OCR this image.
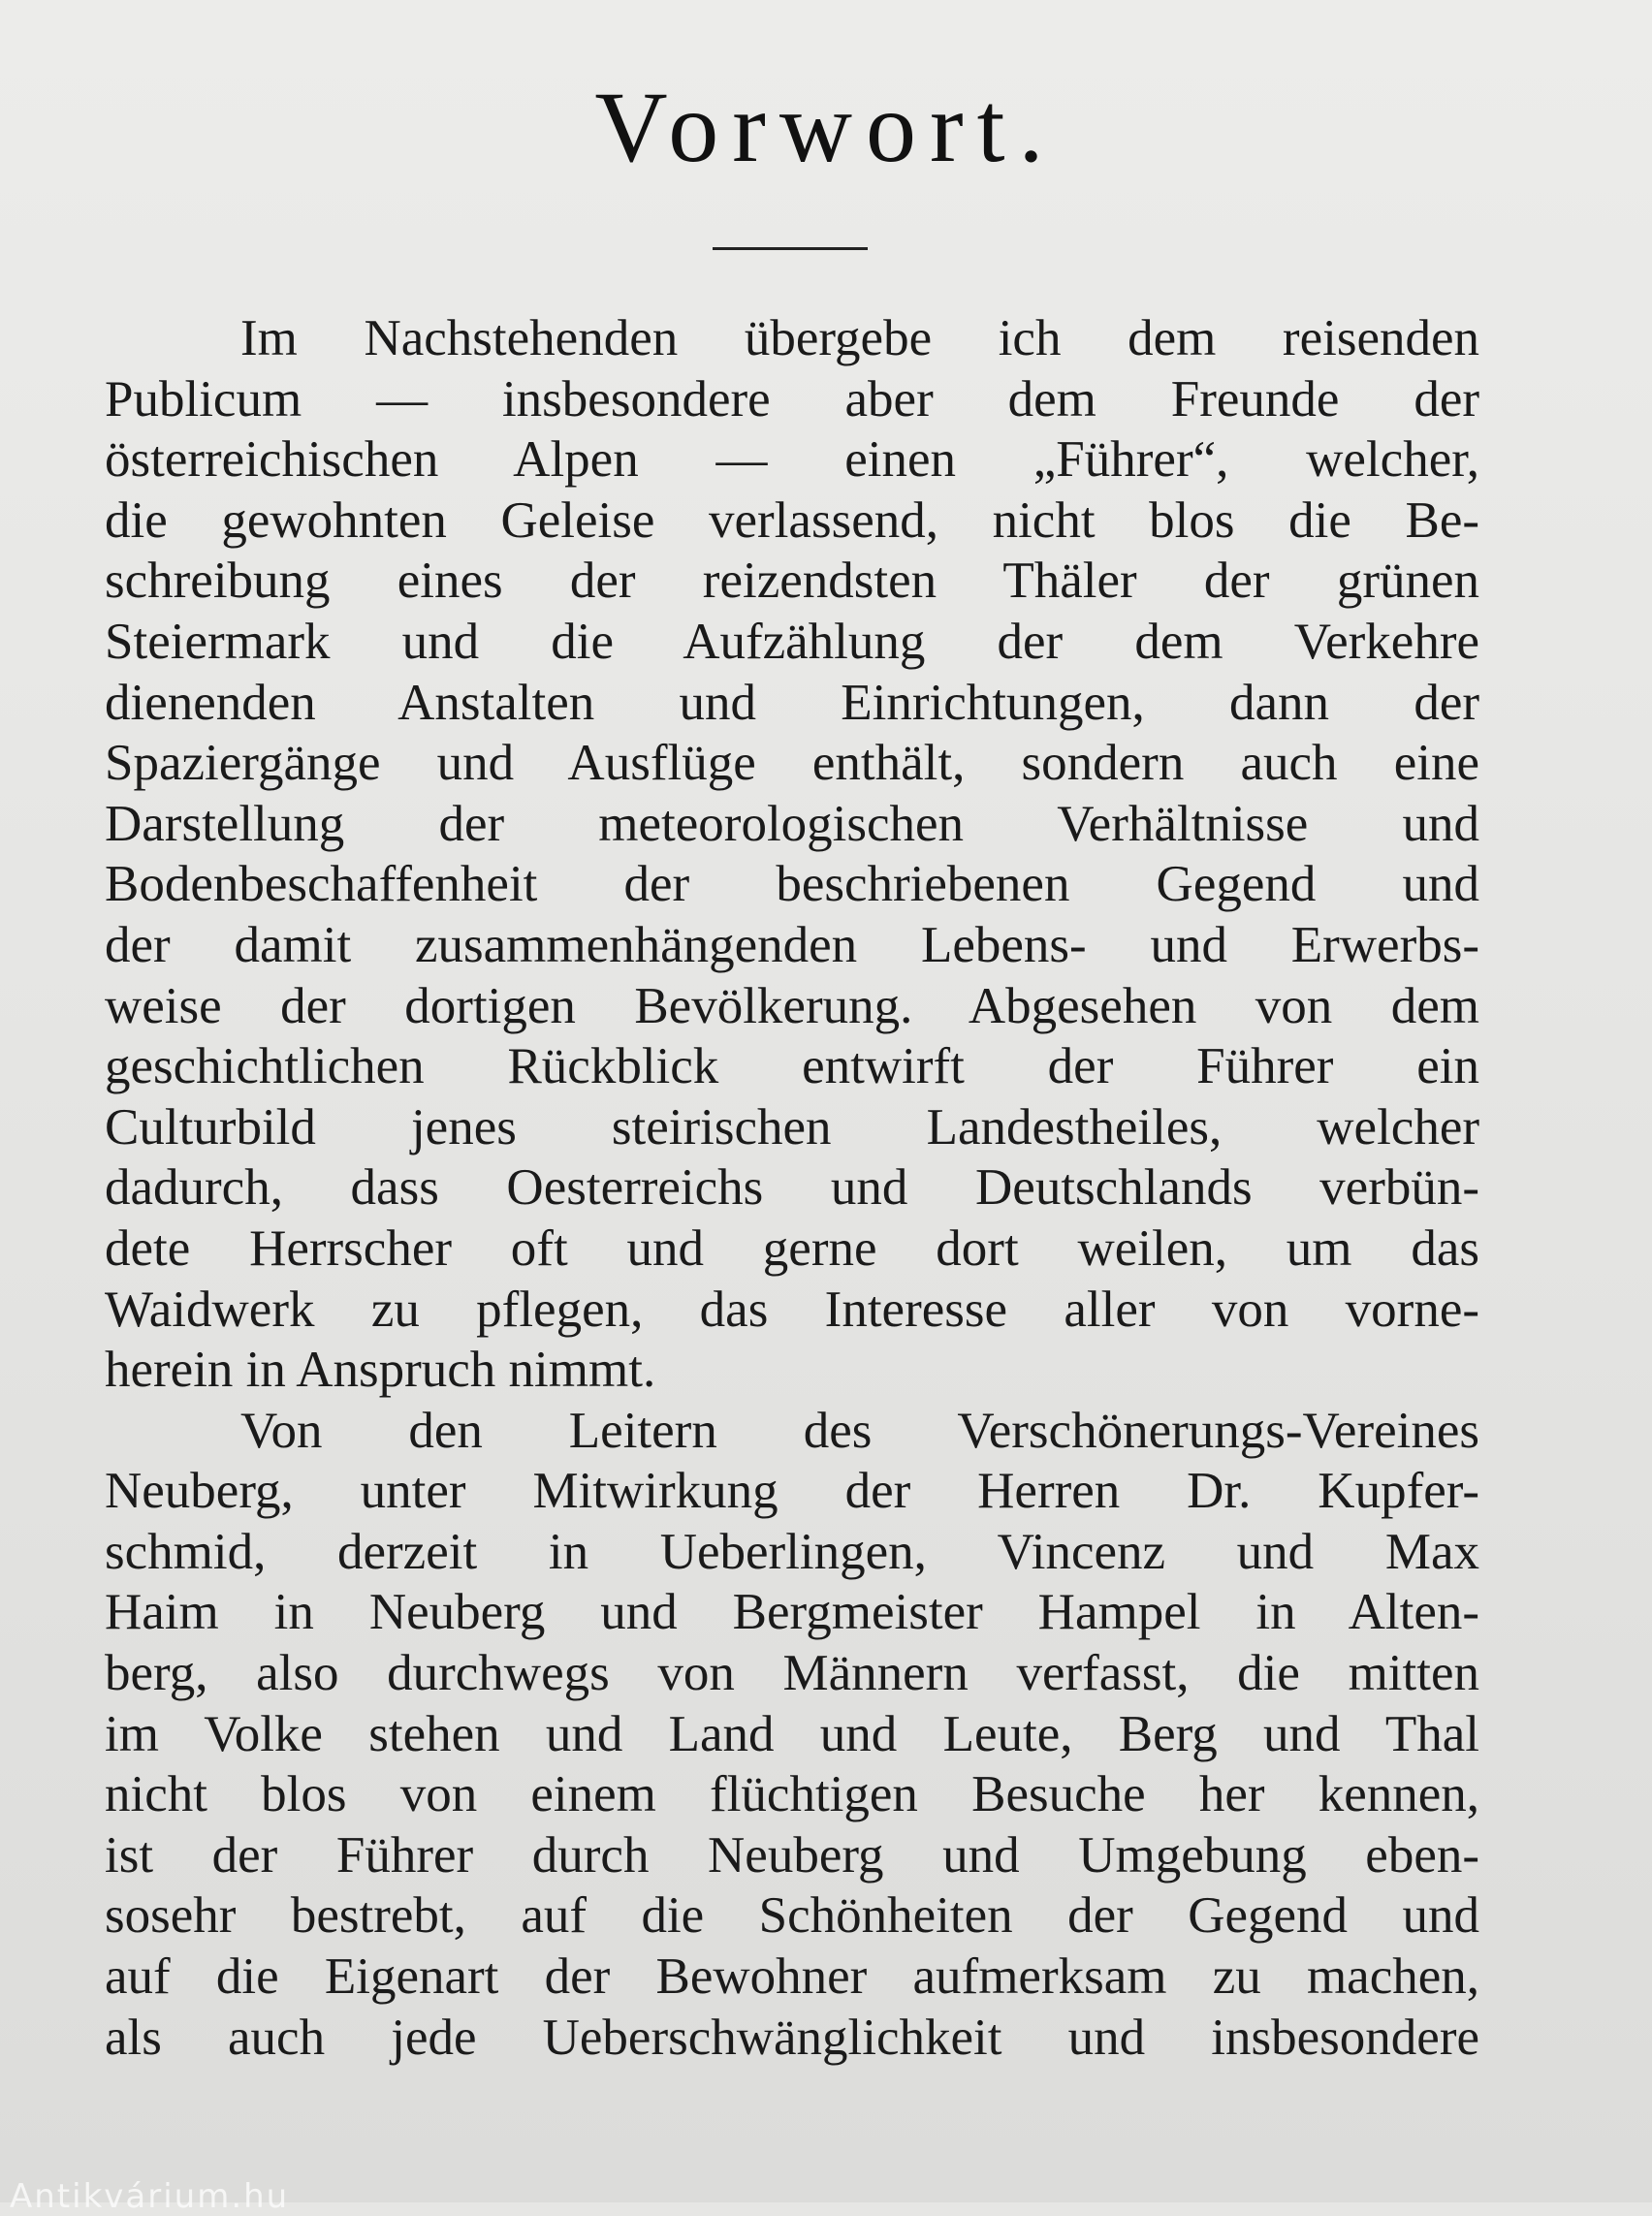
Vorwort.
Im Nachstehenden übergebe ich dem reisenden
Publicum — insbesondere aber dem Freunde der
österreichischen Alpen — einen „Führer“, welcher,
die gewohnten Geleise verlassend, nicht blos die Be-
schreibung eines der reizendsten Thäler der grünen
Steiermark und die Aufzählung der dem Verkehre
dienenden Anstalten und Einrichtungen, dann der
Spaziergänge und Ausflüge enthält, sondern auch eine
Darstellung der meteorologischen Verhältnisse und
Bodenbeschaffenheit der beschriebenen Gegend und
der damit zusammenhängenden Lebens- und Erwerbs-
weise der dortigen Bevölkerung. Abgesehen von dem
geschichtlichen Rückblick entwirft der Führer ein
Culturbild jenes steirischen Landestheiles, welcher
dadurch, dass Oesterreichs und Deutschlands verbün-
dete Herrscher oft und gerne dort weilen, um das
Waidwerk zu pflegen, das Interesse aller von vorne-
herein in Anspruch nimmt.
Von den Leitern des Verschönerungs-Vereines
Neuberg, unter Mitwirkung der Herren Dr. Kupfer-
schmid, derzeit in Ueberlingen, Vincenz und Max
Haim in Neuberg und Bergmeister Hampel in Alten-
berg, also durchwegs von Männern verfasst, die mitten
im Volke stehen und Land und Leute, Berg und Thal
nicht blos von einem flüchtigen Besuche her kennen,
ist der Führer durch Neuberg und Umgebung eben-
sosehr bestrebt, auf die Schönheiten der Gegend und
auf die Eigenart der Bewohner aufmerksam zu machen,
als auch jede Ueberschwänglichkeit und insbesondere
Antikvárium.hu
